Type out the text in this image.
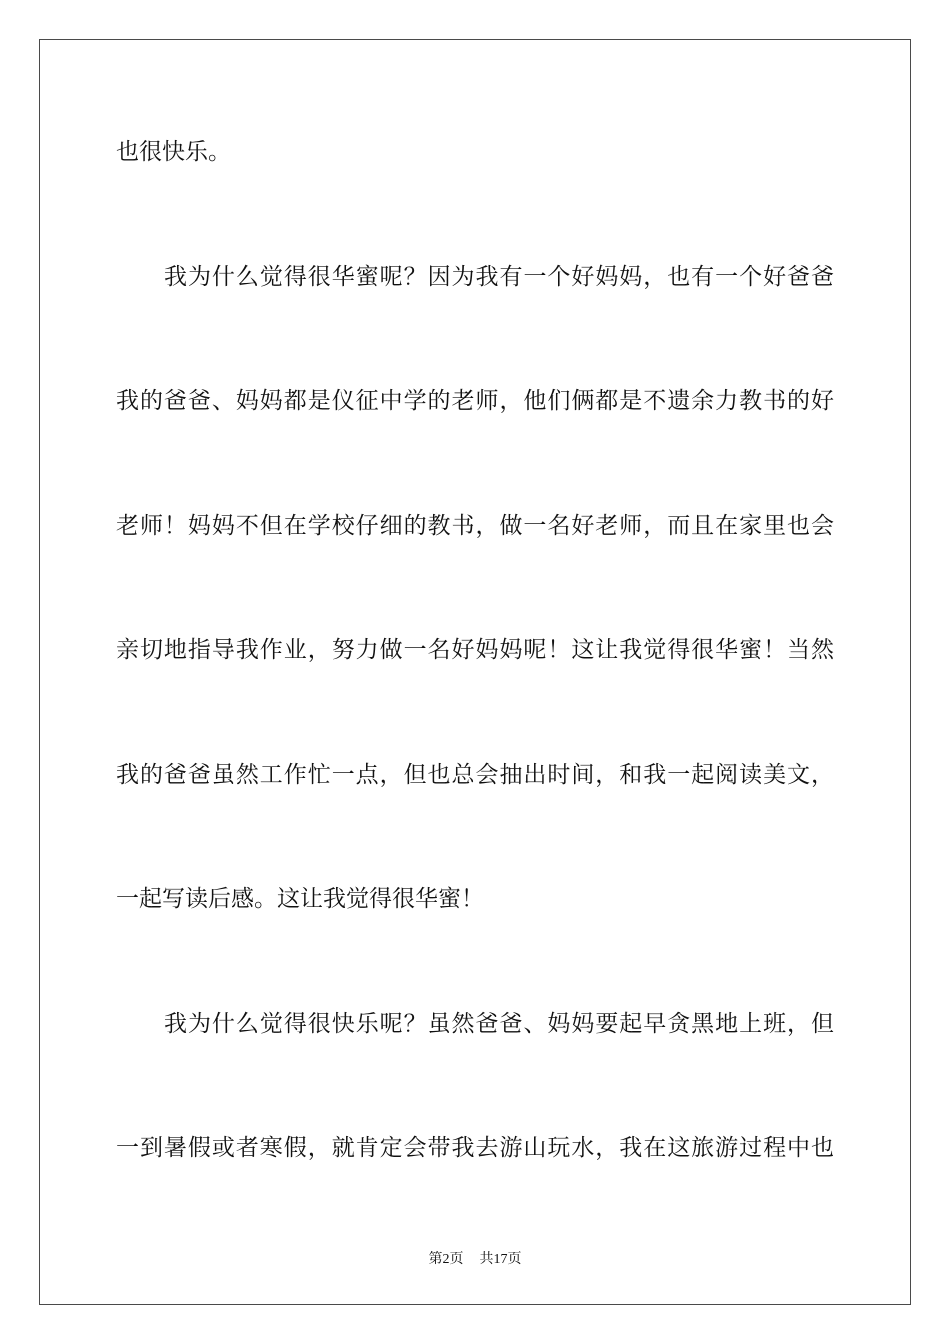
也很快乐。
我为什么觉得很华蜜呢？因为我有一个好妈妈，也有一个好爸爸
我的爸爸、妈妈都是仪征中学的老师，他们俩都是不遗余力教书的好
老师！妈妈不但在学校仔细的教书，做一名好老师，而且在家里也会
亲切地指导我作业，努力做一名好妈妈呢！这让我觉得很华蜜！当然
我的爸爸虽然工作忙一点，但也总会抽出时间，和我一起阅读美文，
一起写读后感。这让我觉得很华蜜！
我为什么觉得很快乐呢？虽然爸爸、妈妈要起早贪黑地上班，但
一到暑假或者寒假，就肯定会带我去游山玩水，我在这旅游过程中也
第2页 共17页
